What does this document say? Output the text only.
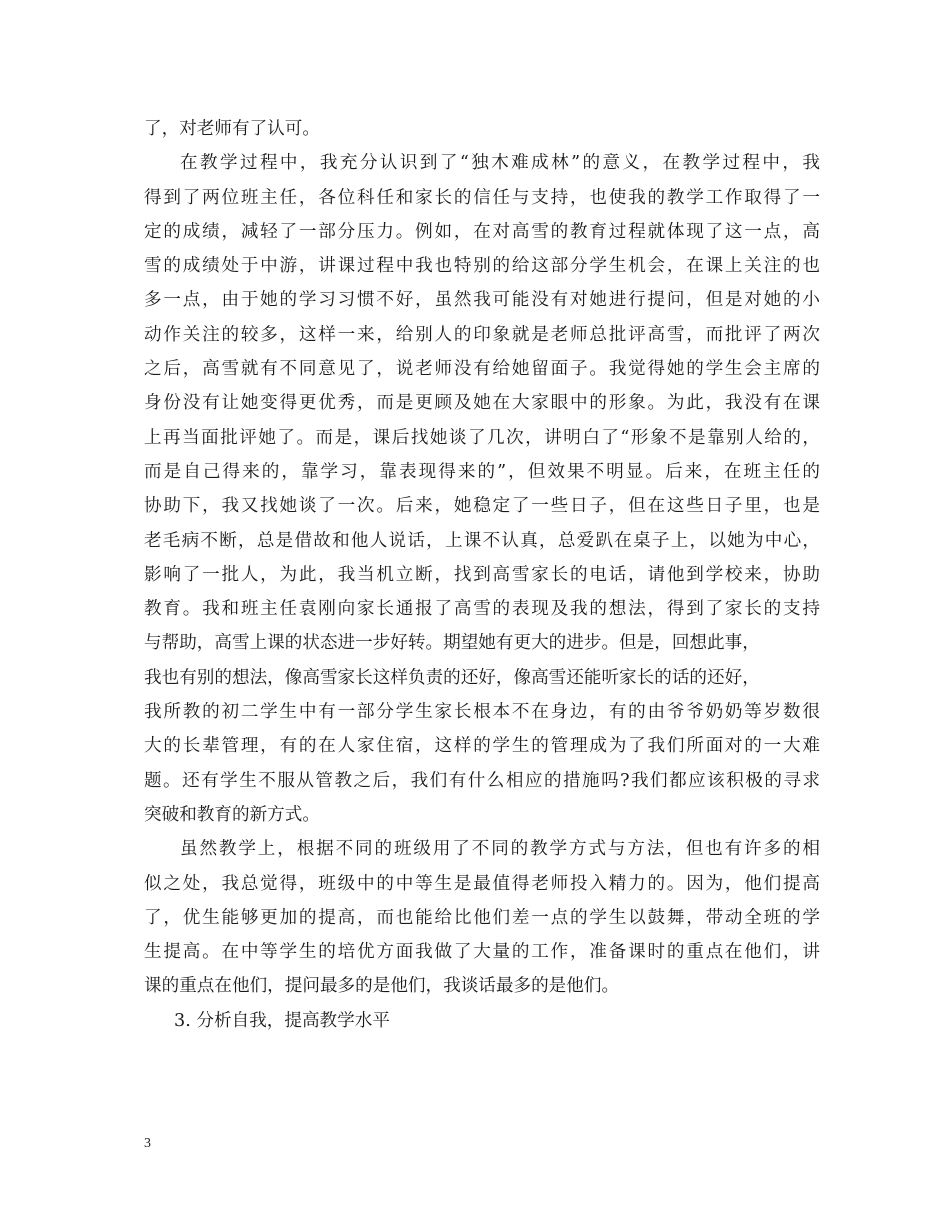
了，对老师有了认可。
在教学过程中，我充分认识到了“独木难成林”的意义，在教学过程中，我
得到了两位班主任，各位科任和家长的信任与支持，也使我的教学工作取得了一
定的成绩，减轻了一部分压力。例如，在对高雪的教育过程就体现了这一点，高
雪的成绩处于中游，讲课过程中我也特别的给这部分学生机会，在课上关注的也
多一点，由于她的学习习惯不好，虽然我可能没有对她进行提问，但是对她的小
动作关注的较多，这样一来，给别人的印象就是老师总批评高雪，而批评了两次
之后，高雪就有不同意见了，说老师没有给她留面子。我觉得她的学生会主席的
身份没有让她变得更优秀，而是更顾及她在大家眼中的形象。为此，我没有在课
上再当面批评她了。而是，课后找她谈了几次，讲明白了“形象不是靠别人给的，
而是自己得来的，靠学习，靠表现得来的”，但效果不明显。后来，在班主任的
协助下，我又找她谈了一次。后来，她稳定了一些日子，但在这些日子里，也是
老毛病不断，总是借故和他人说话，上课不认真，总爱趴在桌子上，以她为中心，
影响了一批人，为此，我当机立断，找到高雪家长的电话，请他到学校来，协助
教育。我和班主任袁刚向家长通报了高雪的表现及我的想法，得到了家长的支持
与帮助，高雪上课的状态进一步好转。期望她有更大的进步。但是，回想此事，
我也有别的想法，像高雪家长这样负责的还好，像高雪还能听家长的话的还好，
我所教的初二学生中有一部分学生家长根本不在身边，有的由爷爷奶奶等岁数很
大的长辈管理，有的在人家住宿，这样的学生的管理成为了我们所面对的一大难
题。还有学生不服从管教之后，我们有什么相应的措施吗?我们都应该积极的寻求
突破和教育的新方式。
虽然教学上，根据不同的班级用了不同的教学方式与方法，但也有许多的相
似之处，我总觉得，班级中的中等生是最值得老师投入精力的。因为，他们提高
了，优生能够更加的提高，而也能给比他们差一点的学生以鼓舞，带动全班的学
生提高。在中等学生的培优方面我做了大量的工作，准备课时的重点在他们，讲
课的重点在他们，提问最多的是他们，我谈话最多的是他们。
3. 分析自我，提高教学水平
3
